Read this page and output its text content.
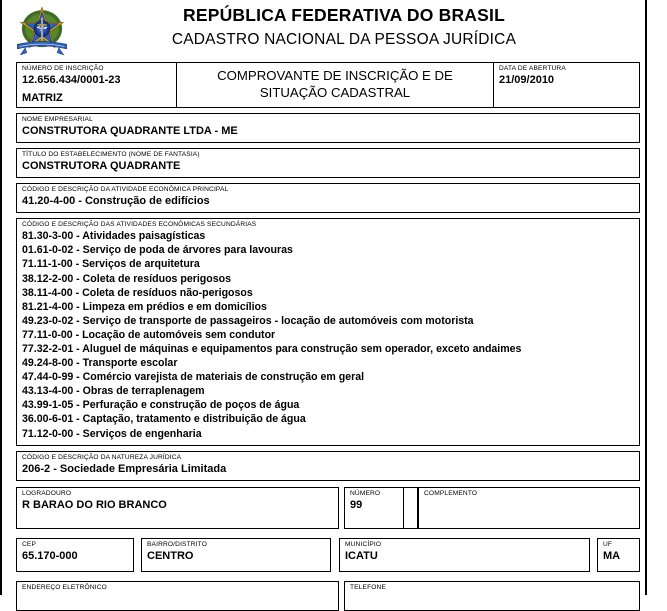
REPÚBLICA FEDERATIVA DO BRASIL
CADASTRO NACIONAL DA PESSOA JURÍDICA
NÚMERO DE INSCRIÇÃO
12.656.434/0001-23
MATRIZ
COMPROVANTE DE INSCRIÇÃO E DE SITUAÇÃO CADASTRAL
DATA DE ABERTURA
21/09/2010
NOME EMPRESARIAL
CONSTRUTORA QUADRANTE LTDA - ME
TÍTULO DO ESTABELECIMENTO (NOME DE FANTASIA)
CONSTRUTORA QUADRANTE
CÓDIGO E DESCRIÇÃO DA ATIVIDADE ECONÔMICA PRINCIPAL
41.20-4-00 - Construção de edifícios
CÓDIGO E DESCRIÇÃO DAS ATIVIDADES ECONÔMICAS SECUNDÁRIAS
81.30-3-00 - Atividades paisagísticas
01.61-0-02 - Serviço de poda de árvores para lavouras
71.11-1-00 - Serviços de arquitetura
38.12-2-00 - Coleta de resíduos perigosos
38.11-4-00 - Coleta de resíduos não-perigosos
81.21-4-00 - Limpeza em prédios e em domicílios
49.23-0-02 - Serviço de transporte de passageiros - locação de automóveis com motorista
77.11-0-00 - Locação de automóveis sem condutor
77.32-2-01 - Aluguel de máquinas e equipamentos para construção sem operador, exceto andaimes
49.24-8-00 - Transporte escolar
47.44-0-99 - Comércio varejista de materiais de construção em geral
43.13-4-00 - Obras de terraplenagem
43.99-1-05 - Perfuração e construção de poços de água
36.00-6-01 - Captação, tratamento e distribuição de água
71.12-0-00 - Serviços de engenharia
CÓDIGO E DESCRIÇÃO DA NATUREZA JURÍDICA
206-2 - Sociedade Empresária Limitada
LOGRADOURO
R BARAO DO RIO BRANCO
NÚMERO
99
COMPLEMENTO
CEP
65.170-000
BAIRRO/DISTRITO
CENTRO
MUNICÍPIO
ICATU
UF
MA
ENDEREÇO ELETRÔNICO	TELEFONE
